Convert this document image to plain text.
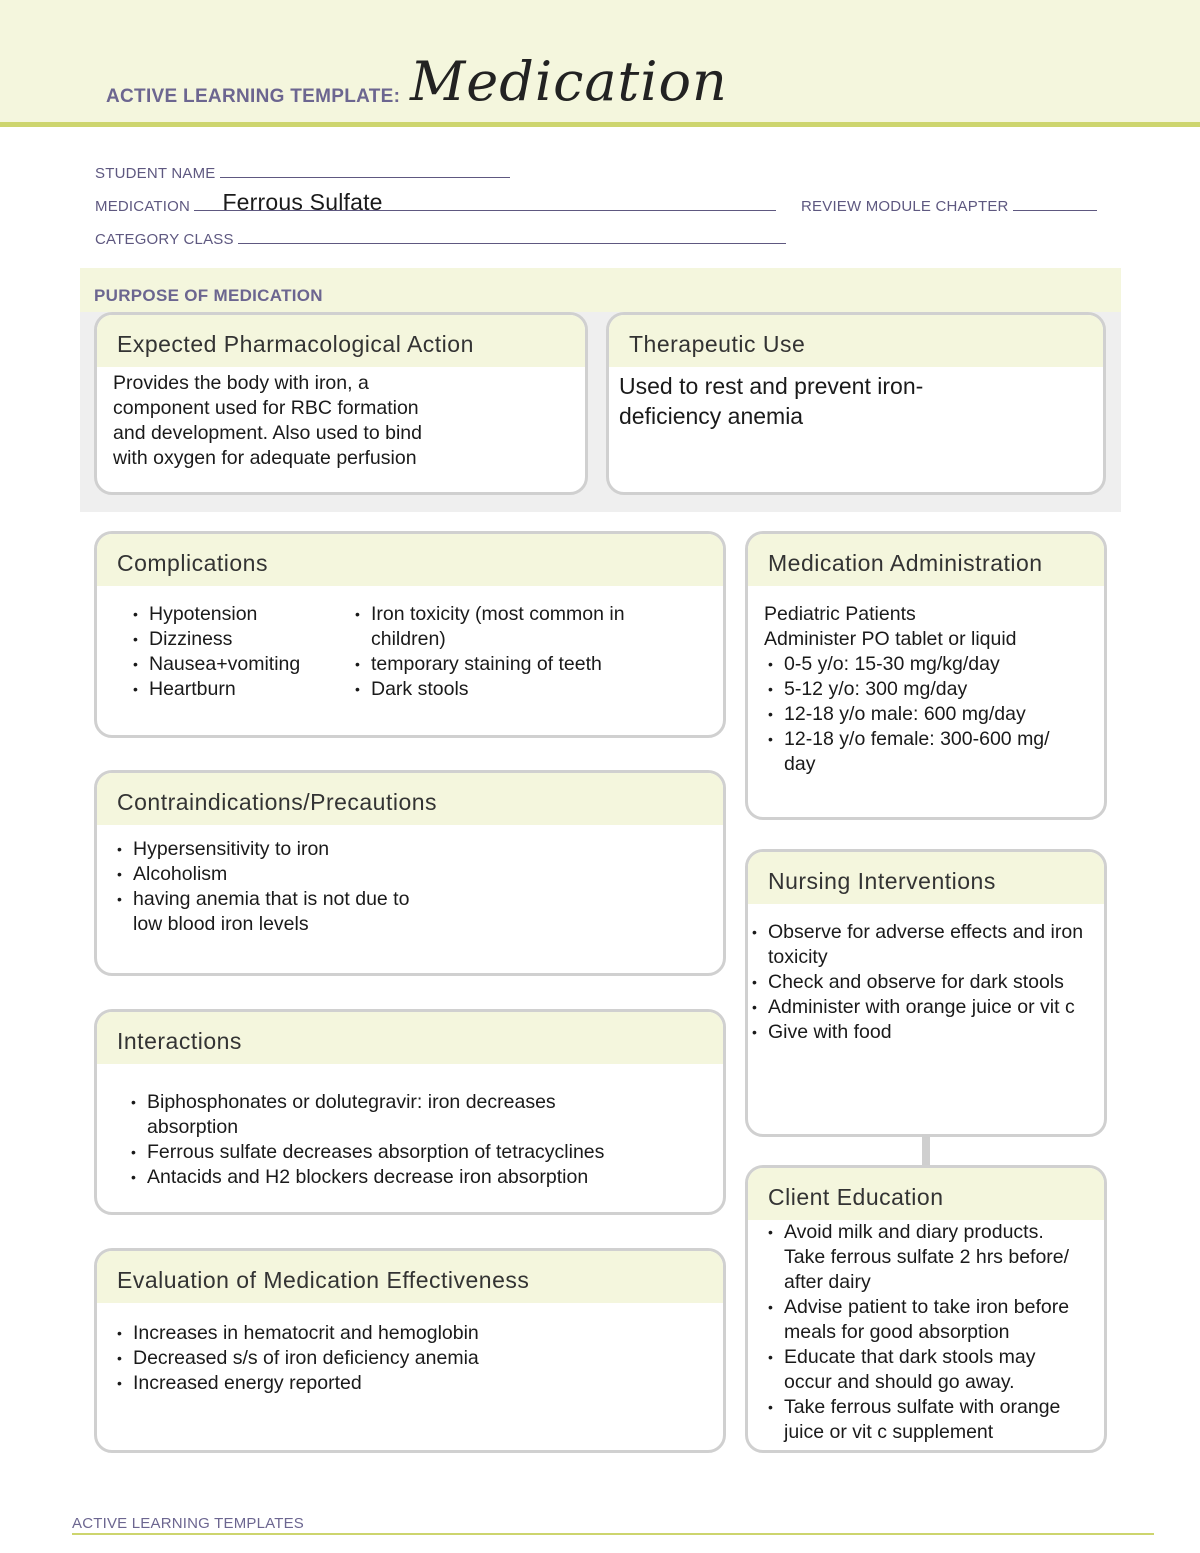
ACTIVE LEARNING TEMPLATE: Medication
STUDENT NAME
MEDICATION Ferrous Sulfate	REVIEW MODULE CHAPTER
CATEGORY CLASS
PURPOSE OF MEDICATION
Expected Pharmacological Action
Provides the body with iron, a
component used for RBC formation
and development. Also used to bind
with oxygen for adequate perfusion
Therapeutic Use
Used to rest and prevent iron-
deficiency anemia
Complications
• Hypotension
• Dizziness
• Nausea+vomiting
• Heartburn
• Iron toxicity (most common in children)
• temporary staining of teeth
• Dark stools
Medication Administration
Pediatric Patients
Administer PO tablet or liquid
• 0-5 y/o: 15-30 mg/kg/day
• 5-12 y/o: 300 mg/day
• 12-18 y/o male: 600 mg/day
• 12-18 y/o female: 300-600 mg/ day
Contraindications/Precautions
• Hypersensitivity to iron
• Alcoholism
• having anemia that is not due to low blood iron levels
Nursing Interventions
• Observe for adverse effects and iron toxicity
• Check and observe for dark stools
• Administer with orange juice or vit c
• Give with food
Interactions
• Biphosphonates or dolutegravir: iron decreases absorption
• Ferrous sulfate decreases absorption of tetracyclines
• Antacids and H2 blockers decrease iron absorption
Client Education
• Avoid milk and diary products. Take ferrous sulfate 2 hrs before/ after dairy
• Advise patient to take iron before meals for good absorption
• Educate that dark stools may occur and should go away.
• Take ferrous sulfate with orange juice or vit c supplement
Evaluation of Medication Effectiveness
• Increases in hematocrit and hemoglobin
• Decreased s/s of iron deficiency anemia
• Increased energy reported
ACTIVE LEARNING TEMPLATES
